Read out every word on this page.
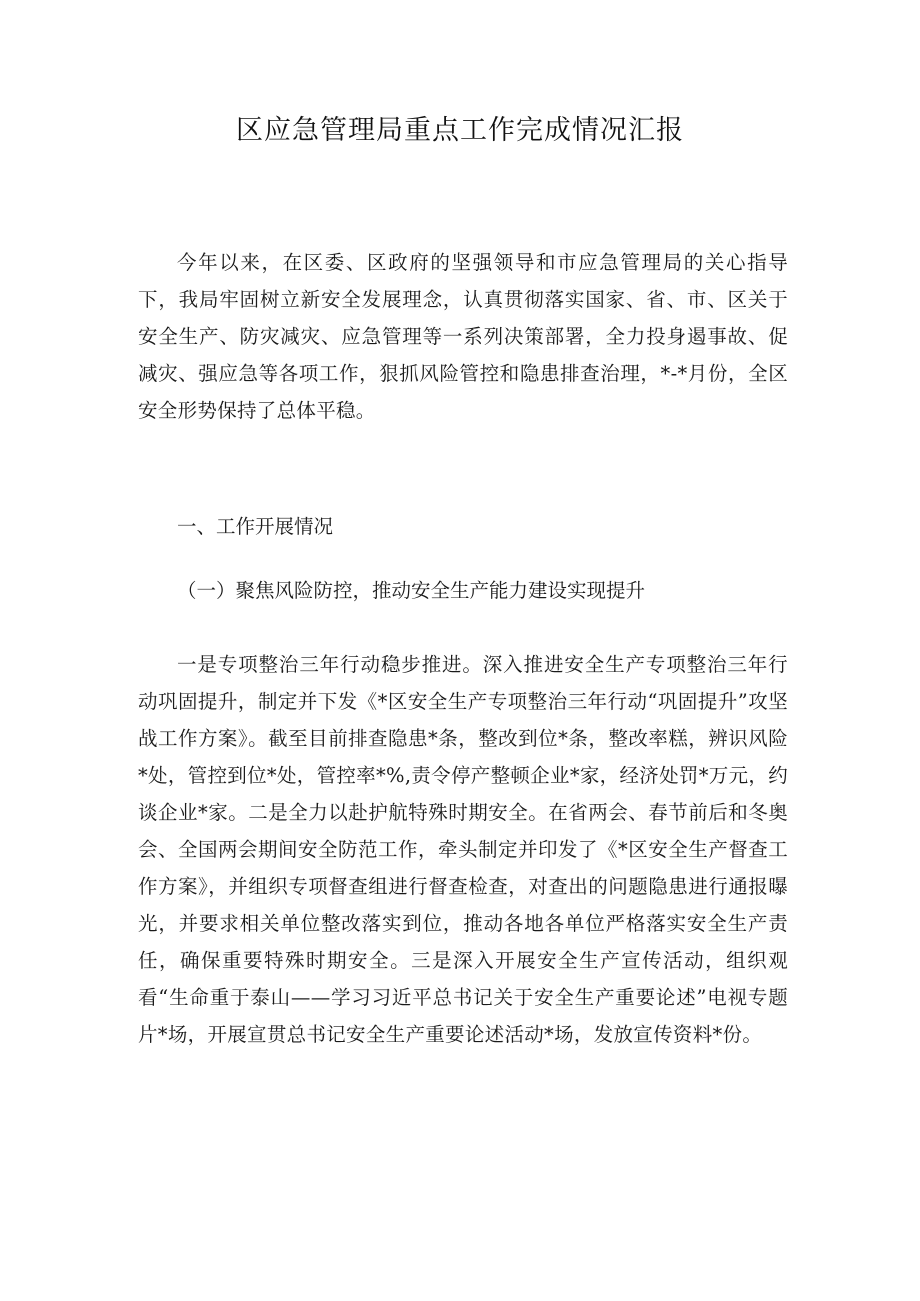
区应急管理局重点工作完成情况汇报

今年以来，在区委、区政府的坚强领导和市应急管理局的关心指导下，我局牢固树立新安全发展理念，认真贯彻落实国家、省、市、区关于安全生产、防灾减灾、应急管理等一系列决策部署，全力投身遏事故、促减灾、强应急等各项工作，狠抓风险管控和隐患排查治理，*-*月份，全区安全形势保持了总体平稳。

一、工作开展情况

（一）聚焦风险防控，推动安全生产能力建设实现提升

一是专项整治三年行动稳步推进。深入推进安全生产专项整治三年行动巩固提升，制定并下发《*区安全生产专项整治三年行动“巩固提升”攻坚战工作方案》。截至目前排查隐患*条，整改到位*条，整改率糕，辨识风险*处，管控到位*处，管控率*%,责令停产整顿企业*家，经济处罚*万元，约谈企业*家。二是全力以赴护航特殊时期安全。在省两会、春节前后和冬奥会、全国两会期间安全防范工作，牵头制定并印发了《*区安全生产督查工作方案》，并组织专项督查组进行督查检查，对查出的问题隐患进行通报曝光，并要求相关单位整改落实到位，推动各地各单位严格落实安全生产责任，确保重要特殊时期安全。三是深入开展安全生产宣传活动，组织观看“生命重于泰山——学习习近平总书记关于安全生产重要论述”电视专题片*场，开展宣贯总书记安全生产重要论述活动*场，发放宣传资料*份。
